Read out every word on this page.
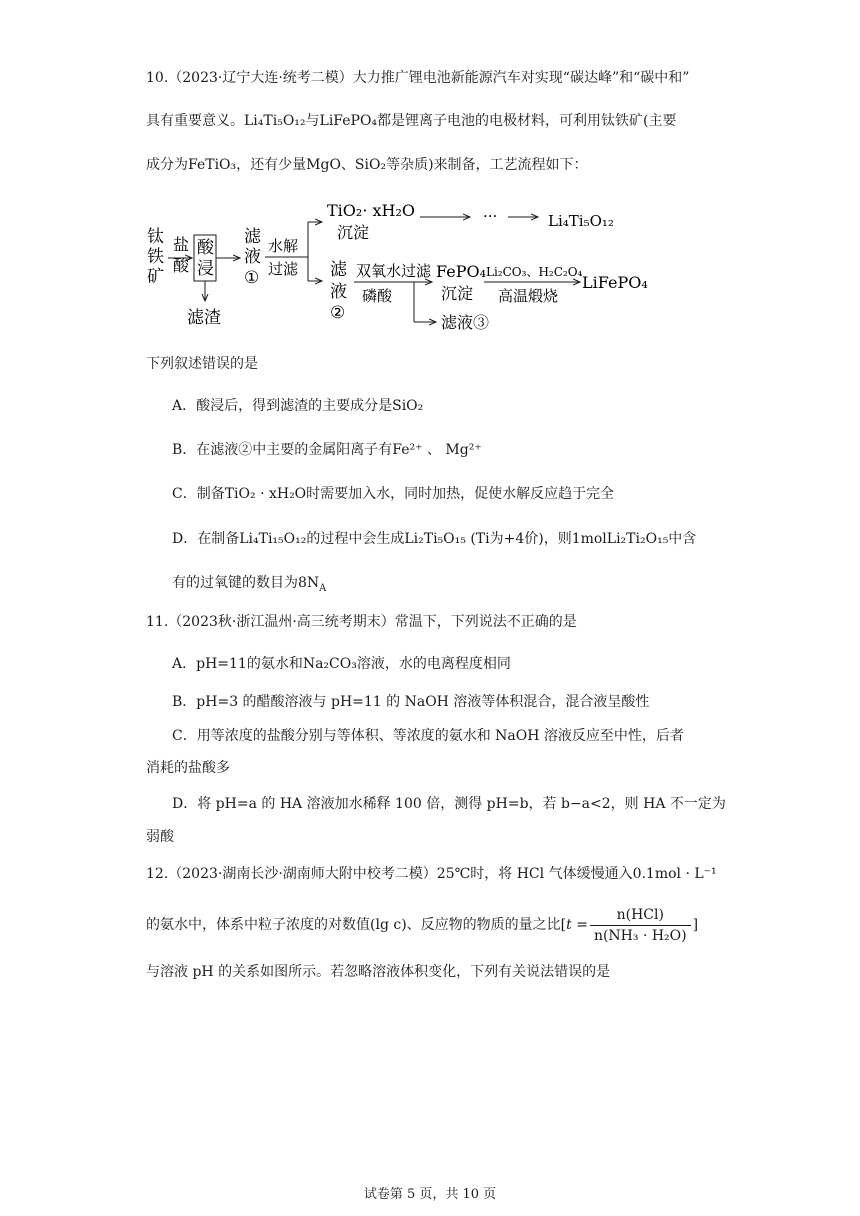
10.（2023·辽宁大连·统考二模）大力推广锂电池新能源汽车对实现“碳达峰”和“碳中和”
具有重要意义。Li₄Ti₅O₁₂与LiFePO₄都是锂离子电池的电极材料，可利用钛铁矿(主要
成分为FeTiO₃，还有少量MgO、SiO₂等杂质)来制备，工艺流程如下：
钛
铁
矿
盐
酸
酸
浸
滤渣
滤
液
①
水解
过滤
TiO₂· xH₂O
沉淀
···	Li₄Ti₅O₁₂
滤
液
②
双氧水
磷酸
过滤
滤液③
FePO₄
沉淀
Li₂CO₃、H₂C₂O₄
高温煅烧
LiFePO₄
下列叙述错误的是
A．酸浸后，得到滤渣的主要成分是SiO₂
B．在滤液②中主要的金属阳离子有Fe²⁺ 、 Mg²⁺
C．制备TiO₂ · xH₂O时需要加入水，同时加热，促使水解反应趋于完全
D．在制备Li₄Ti₁₅O₁₂的过程中会生成Li₂Ti₅O₁₅ (Ti为+4价)，则1molLi₂Ti₂O₁₅中含
有的过氧键的数目为$8N_A$
11.（2023秋·浙江温州·高三统考期末）常温下，下列说法不正确的是
A．pH=11的氨水和Na₂CO₃溶液，水的电离程度相同
B．pH=3 的醋酸溶液与 pH=11 的 NaOH 溶液等体积混合，混合液呈酸性
C．用等浓度的盐酸分别与等体积、等浓度的氨水和 NaOH 溶液反应至中性，后者
消耗的盐酸多
D．将 pH=a 的 HA 溶液加水稀释 100 倍，测得 pH=b，若 b−a<2，则 HA 不一定为
弱酸
12.（2023·湖南长沙·湖南师大附中校考二模）25℃时，将 HCl 气体缓慢通入0.1mol · L⁻¹
的氨水中，体系中粒子浓度的对数值(lg c)、反应物的物质的量之比[$t = \frac{\text{n(HCl)}}{\text{n(NH₃ · H₂O)}}$ ]
与溶液 pH 的关系如图所示。若忽略溶液体积变化，下列有关说法错误的是
试卷第 5 页，共 10 页
